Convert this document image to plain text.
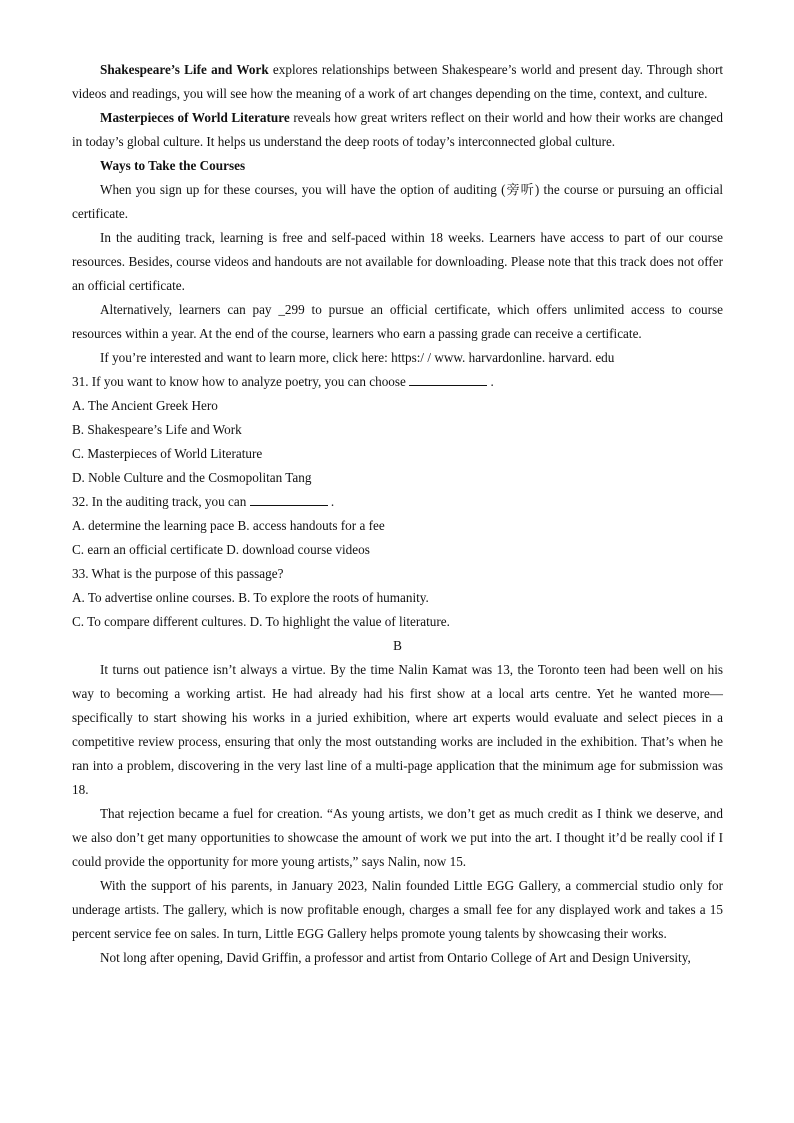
Shakespeare’s Life and Work explores relationships between Shakespeare’s world and present day. Through short videos and readings, you will see how the meaning of a work of art changes depending on the time, context, and culture.

Masterpieces of World Literature reveals how great writers reflect on their world and how their works are changed in today’s global culture. It helps us understand the deep roots of today’s interconnected global culture.

Ways to Take the Courses

When you sign up for these courses, you will have the option of auditing (旁听) the course or pursuing an official certificate.

In the auditing track, learning is free and self-paced within 18 weeks. Learners have access to part of our course resources. Besides, course videos and handouts are not available for downloading. Please note that this track does not offer an official certificate.

Alternatively, learners can pay _299 to pursue an official certificate, which offers unlimited access to course resources within a year. At the end of the course, learners who earn a passing grade can receive a certificate.

If you’re interested and want to learn more, click here: https:/ / www. harvardonline. harvard. edu

31. If you want to know how to analyze poetry, you can choose	.

A. The Ancient Greek Hero

B. Shakespeare’s Life and Work

C. Masterpieces of World Literature

D. Noble Culture and the Cosmopolitan Tang

32. In the auditing track, you can	.

A. determine the learning pace B. access handouts for a fee

C. earn an official certificate D. download course videos

33. What is the purpose of this passage?

A. To advertise online courses. B. To explore the roots of humanity.

C. To compare different cultures. D. To highlight the value of literature.

B

It turns out patience isn’t always a virtue. By the time Nalin Kamat was 13, the Toronto teen had been well on his way to becoming a working artist. He had already had his first show at a local arts centre. Yet he wanted more—specifically to start showing his works in a juried exhibition, where art experts would evaluate and select pieces in a competitive review process, ensuring that only the most outstanding works are included in the exhibition. That’s when he ran into a problem, discovering in the very last line of a multi-page application that the minimum age for submission was 18.

That rejection became a fuel for creation. “As young artists, we don’t get as much credit as I think we deserve, and we also don’t get many opportunities to showcase the amount of work we put into the art. I thought it’d be really cool if I could provide the opportunity for more young artists,” says Nalin, now 15.

With the support of his parents, in January 2023, Nalin founded Little EGG Gallery, a commercial studio only for underage artists. The gallery, which is now profitable enough, charges a small fee for any displayed work and takes a 15 percent service fee on sales. In turn, Little EGG Gallery helps promote young talents by showcasing their works.

Not long after opening, David Griffin, a professor and artist from Ontario College of Art and Design University,
